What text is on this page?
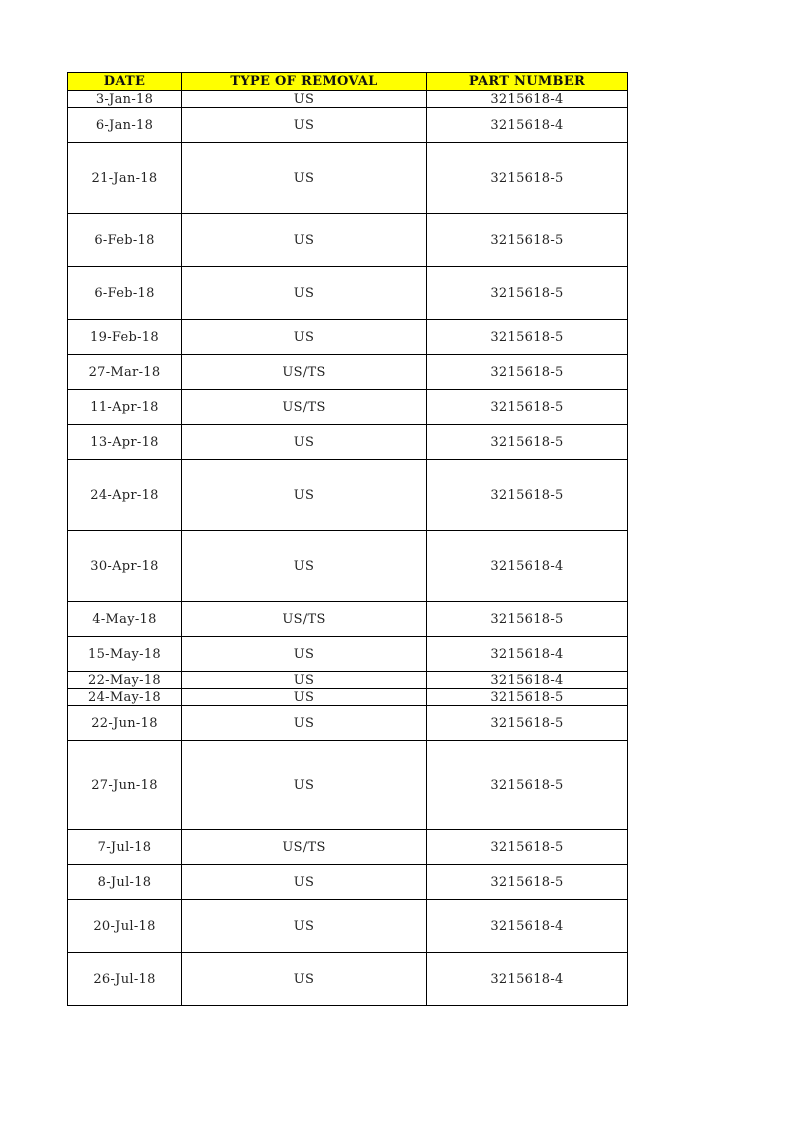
DATE	TYPE OF REMOVAL	PART NUMBER
3-Jan-18	US	3215618-4
6-Jan-18	US	3215618-4
21-Jan-18	US	3215618-5
6-Feb-18	US	3215618-5
6-Feb-18	US	3215618-5
19-Feb-18	US	3215618-5
27-Mar-18	US/TS	3215618-5
11-Apr-18	US/TS	3215618-5
13-Apr-18	US	3215618-5
24-Apr-18	US	3215618-5
30-Apr-18	US	3215618-4
4-May-18	US/TS	3215618-5
15-May-18	US	3215618-4
22-May-18	US	3215618-4
24-May-18	US	3215618-5
22-Jun-18	US	3215618-5
27-Jun-18	US	3215618-5
7-Jul-18	US/TS	3215618-5
8-Jul-18	US	3215618-5
20-Jul-18	US	3215618-4
26-Jul-18	US	3215618-4
